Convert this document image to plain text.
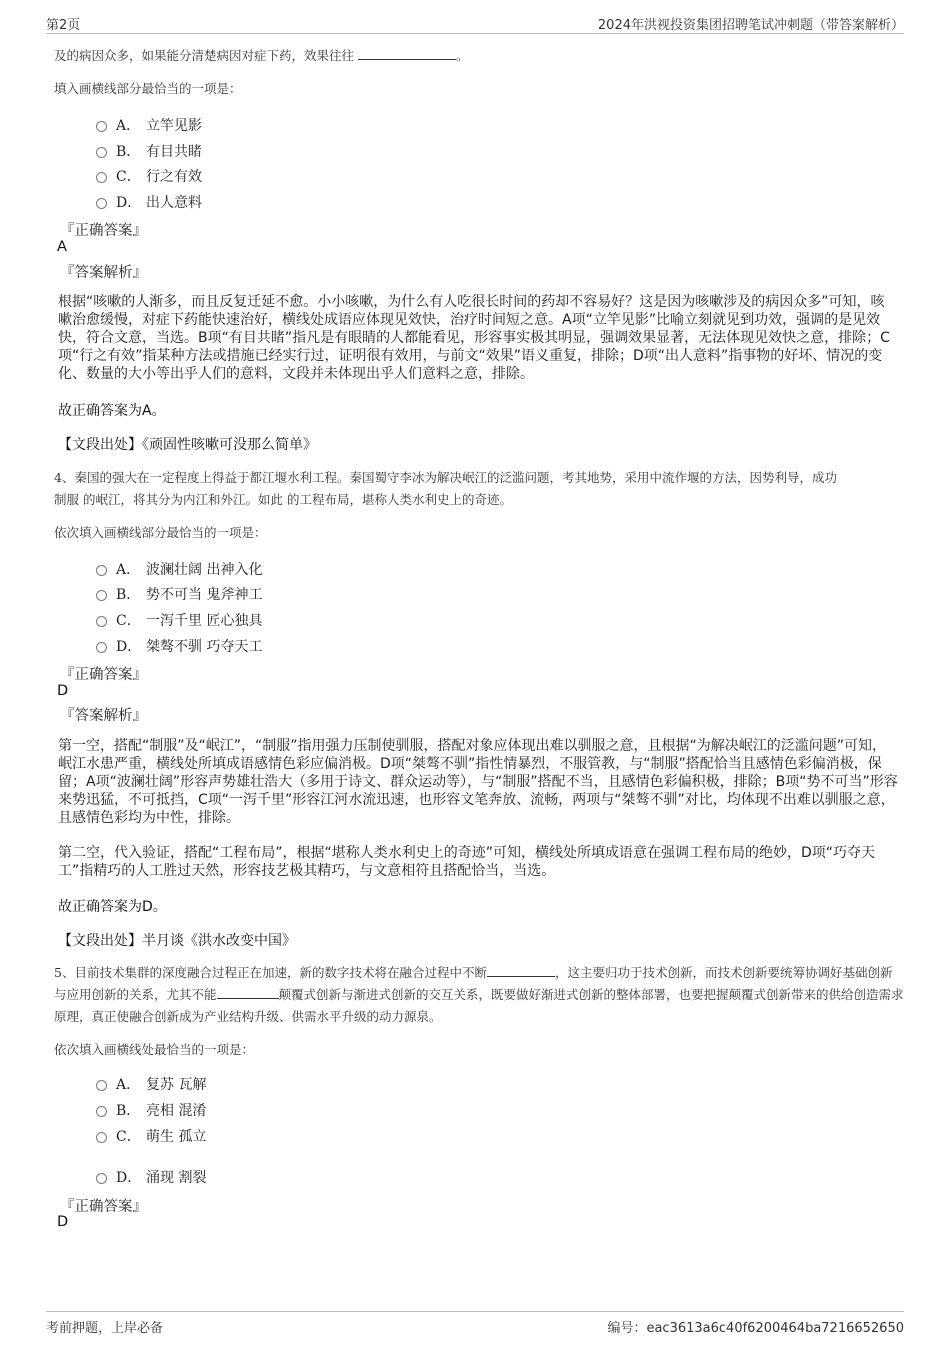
第2页	2024年洪视投资集团招聘笔试冲刺题（带答案解析）
及的病因众多，如果能分清楚病因对症下药，效果往往	。
填入画横线部分最恰当的一项是：
A． 立竿见影
B． 有目共睹
C． 行之有效
D． 出人意料
『正确答案』
A
『答案解析』
根据“咳嗽的人渐多，而且反复迁延不愈。小小咳嗽，为什么有人吃很长时间的药却不容易好？这是因为咳嗽涉及的病因众多”可知，咳嗽治愈缓慢，对症下药能快速治好，横线处成语应体现见效快，治疗时间短之意。A项“立竿见影”比喻立刻就见到功效，强调的是见效快，符合文意，当选。B项“有目共睹”指凡是有眼睛的人都能看见，形容事实极其明显，强调效果显著，无法体现见效快之意，排除；C项“行之有效”指某种方法或措施已经实行过，证明很有效用，与前文“效果”语义重复，排除；D项“出人意料”指事物的好坏、情况的变化、数量的大小等出乎人们的意料，文段并未体现出乎人们意料之意，排除。
故正确答案为A。
【文段出处】《顽固性咳嗽可没那么简单》
4、秦国的强大在一定程度上得益于都江堰水利工程。秦国蜀守李冰为解决岷江的泛滥问题，考其地势，采用中流作堰的方法，因势利导，成功
制服 的岷江，将其分为内江和外江。如此 的工程布局，堪称人类水利史上的奇迹。
依次填入画横线部分最恰当的一项是：
A． 波澜壮阔 出神入化
B． 势不可当 鬼斧神工
C． 一泻千里 匠心独具
D． 桀骜不驯 巧夺天工
『正确答案』
D
『答案解析』
第一空，搭配“制服”及“岷江”，“制服”指用强力压制使驯服，搭配对象应体现出难以驯服之意，且根据“为解决岷江的泛滥问题”可知，岷江水患严重，横线处所填成语感情色彩应偏消极。D项“桀骜不驯”指性情暴烈，不服管教，与“制服”搭配恰当且感情色彩偏消极，保留；A项“波澜壮阔”形容声势雄壮浩大（多用于诗文、群众运动等），与“制服”搭配不当，且感情色彩偏积极，排除；B项“势不可当”形容来势迅猛，不可抵挡，C项“一泻千里”形容江河水流迅速，也形容文笔奔放、流畅，两项与“桀骜不驯”对比，均体现不出难以驯服之意，且感情色彩均为中性，排除。
第二空，代入验证，搭配“工程布局”，根据“堪称人类水利史上的奇迹”可知，横线处所填成语意在强调工程布局的绝妙，D项“巧夺天工”指精巧的人工胜过天然，形容技艺极其精巧，与文意相符且搭配恰当，当选。
故正确答案为D。
【文段出处】半月谈《洪水改变中国》
5、目前技术集群的深度融合过程正在加速，新的数字技术将在融合过程中不断	，这主要归功于技术创新，而技术创新要统筹协调好基础创新与应用创新的关系，尤其不能	颠覆式创新与渐进式创新的交互关系，既要做好渐进式创新的整体部署，也要把握颠覆式创新带来的供给创造需求原理，真正使融合创新成为产业结构升级、供需水平升级的动力源泉。
依次填入画横线处最恰当的一项是：
A． 复苏 瓦解
B． 亮相 混淆
C． 萌生 孤立
D． 涌现 割裂
『正确答案』
D
考前押题，上岸必备	编号：eac3613a6c40f6200464ba7216652650
